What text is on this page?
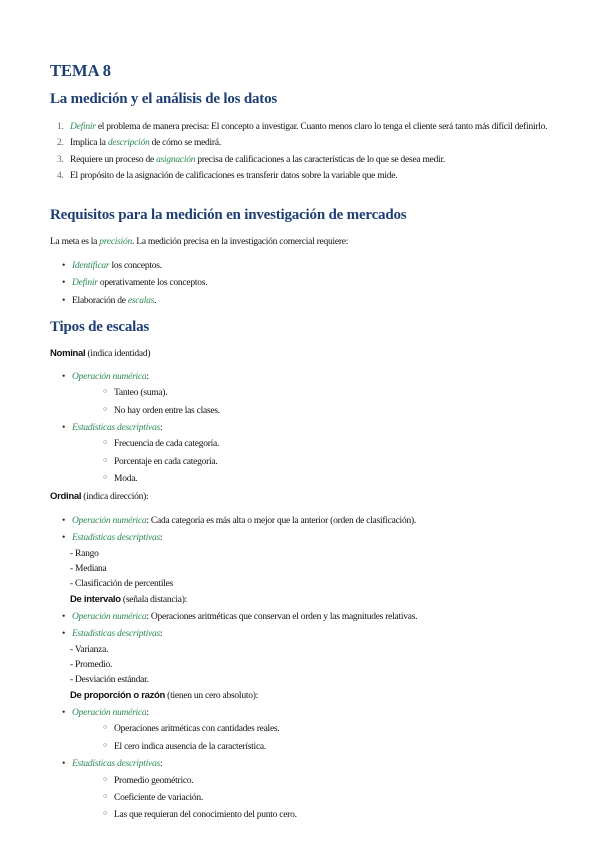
TEMA 8
La medición y el análisis de los datos
1. Definir el problema de manera precisa: El concepto a investigar. Cuanto menos claro lo tenga el cliente será tanto más difícil definirlo.
2. Implica la descripción de cómo se medirá.
3. Requiere un proceso de asignación precisa de calificaciones a las características de lo que se desea medir.
4. El propósito de la asignación de calificaciones es transferir datos sobre la variable que mide.
Requisitos para la medición en investigación de mercados

La meta es la precisión. La medición precisa en la investigación comercial requiere:

• Identificar los conceptos.
• Definir operativamente los conceptos.
• Elaboración de escalas.
Tipos de escalas

Nominal (indica identidad)

• Operación numérica:
○ Tanteo (suma).
○ No hay orden entre las clases.
• Estadísticas descriptivas:
○ Frecuencia de cada categoría.
○ Porcentaje en cada categoría.
○ Moda.

Ordinal (indica dirección):

• Operación numérica: Cada categoría es más alta o mejor que la anterior (orden de clasificación).
• Estadísticas descriptivas:

- Rango

- Mediana

- Clasificación de percentiles

De intervalo (señala distancia):

• Operación numérica: Operaciones aritméticas que conservan el orden y las magnitudes relativas.
• Estadísticas descriptivas:

- Varianza.

- Promedio.

- Desviación estándar.

De proporción o razón (tienen un cero absoluto):

• Operación numérica:
○ Operaciones aritméticas con cantidades reales.
○ El cero indica ausencia de la característica.
• Estadísticas descriptivas:
○ Promedio geométrico.
○ Coeficiente de variación.
○ Las que requieran del conocimiento del punto cero.
